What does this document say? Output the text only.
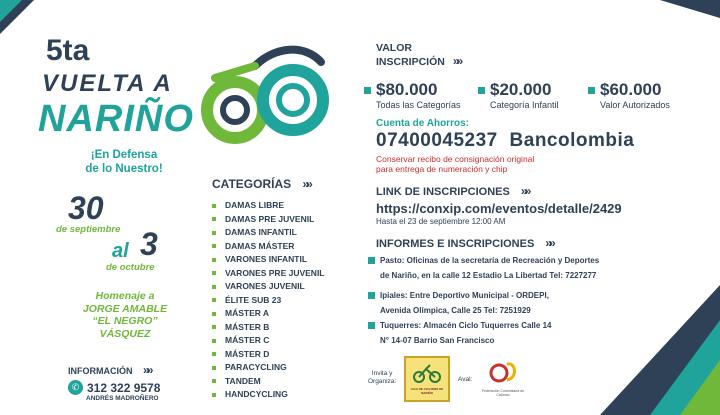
5ta
VUELTA A
NARIÑO
¡En Defensa
de lo Nuestro!
30
de septiembre
al 3
de octubre
Homenaje a
JORGE AMABLE
“EL NEGRO”
VÁSQUEZ
INFORMACIÓN »»
✆ 312 322 9578
ANDRÉS MADROÑERO
CATEGORÍAS »»
DAMAS LIBRE
DAMAS PRE JUVENIL
DAMAS INFANTIL
DAMAS MÁSTER
VARONES INFANTIL
VARONES PRE JUVENIL
VARONES JUVENIL
ÉLITE SUB 23
MÁSTER A
MÁSTER B
MÁSTER C
MÁSTER D
PARACYCLING
TANDEM
HANDCYCLING
VALOR
INSCRIPCIÓN »»
$80.000
Todas las Categorías
$20.000
Categoría Infantil
$60.000
Valor Autorizados
Cuenta de Ahorros:
07400045237 Bancolombia
Conservar recibo de consignación original
para entrega de numeración y chip
LINK DE INSCRIPCIONES »»
https://conxip.com/eventos/detalle/2429
Hasta el 23 de septiembre 12:00 AM
INFORMES E INSCRIPCIONES »»
Pasto: Oficinas de la secretaría de Recreación y Deportes
de Nariño, en la calle 12 Estadio La Libertad Tel: 7227277
Ipiales: Entre Deportivo Municipal - ORDEPI,
Avenida Olímpica, Calle 25 Tel: 7251929
Tuquerres: Almacén Ciclo Tuquerres Calle 14
N° 14-07 Barrio San Francisco
Invita y
Organiza:
LIGA DE CICLISMO DE NARIÑO
Aval:
Federación Colombiana de Ciclismo
